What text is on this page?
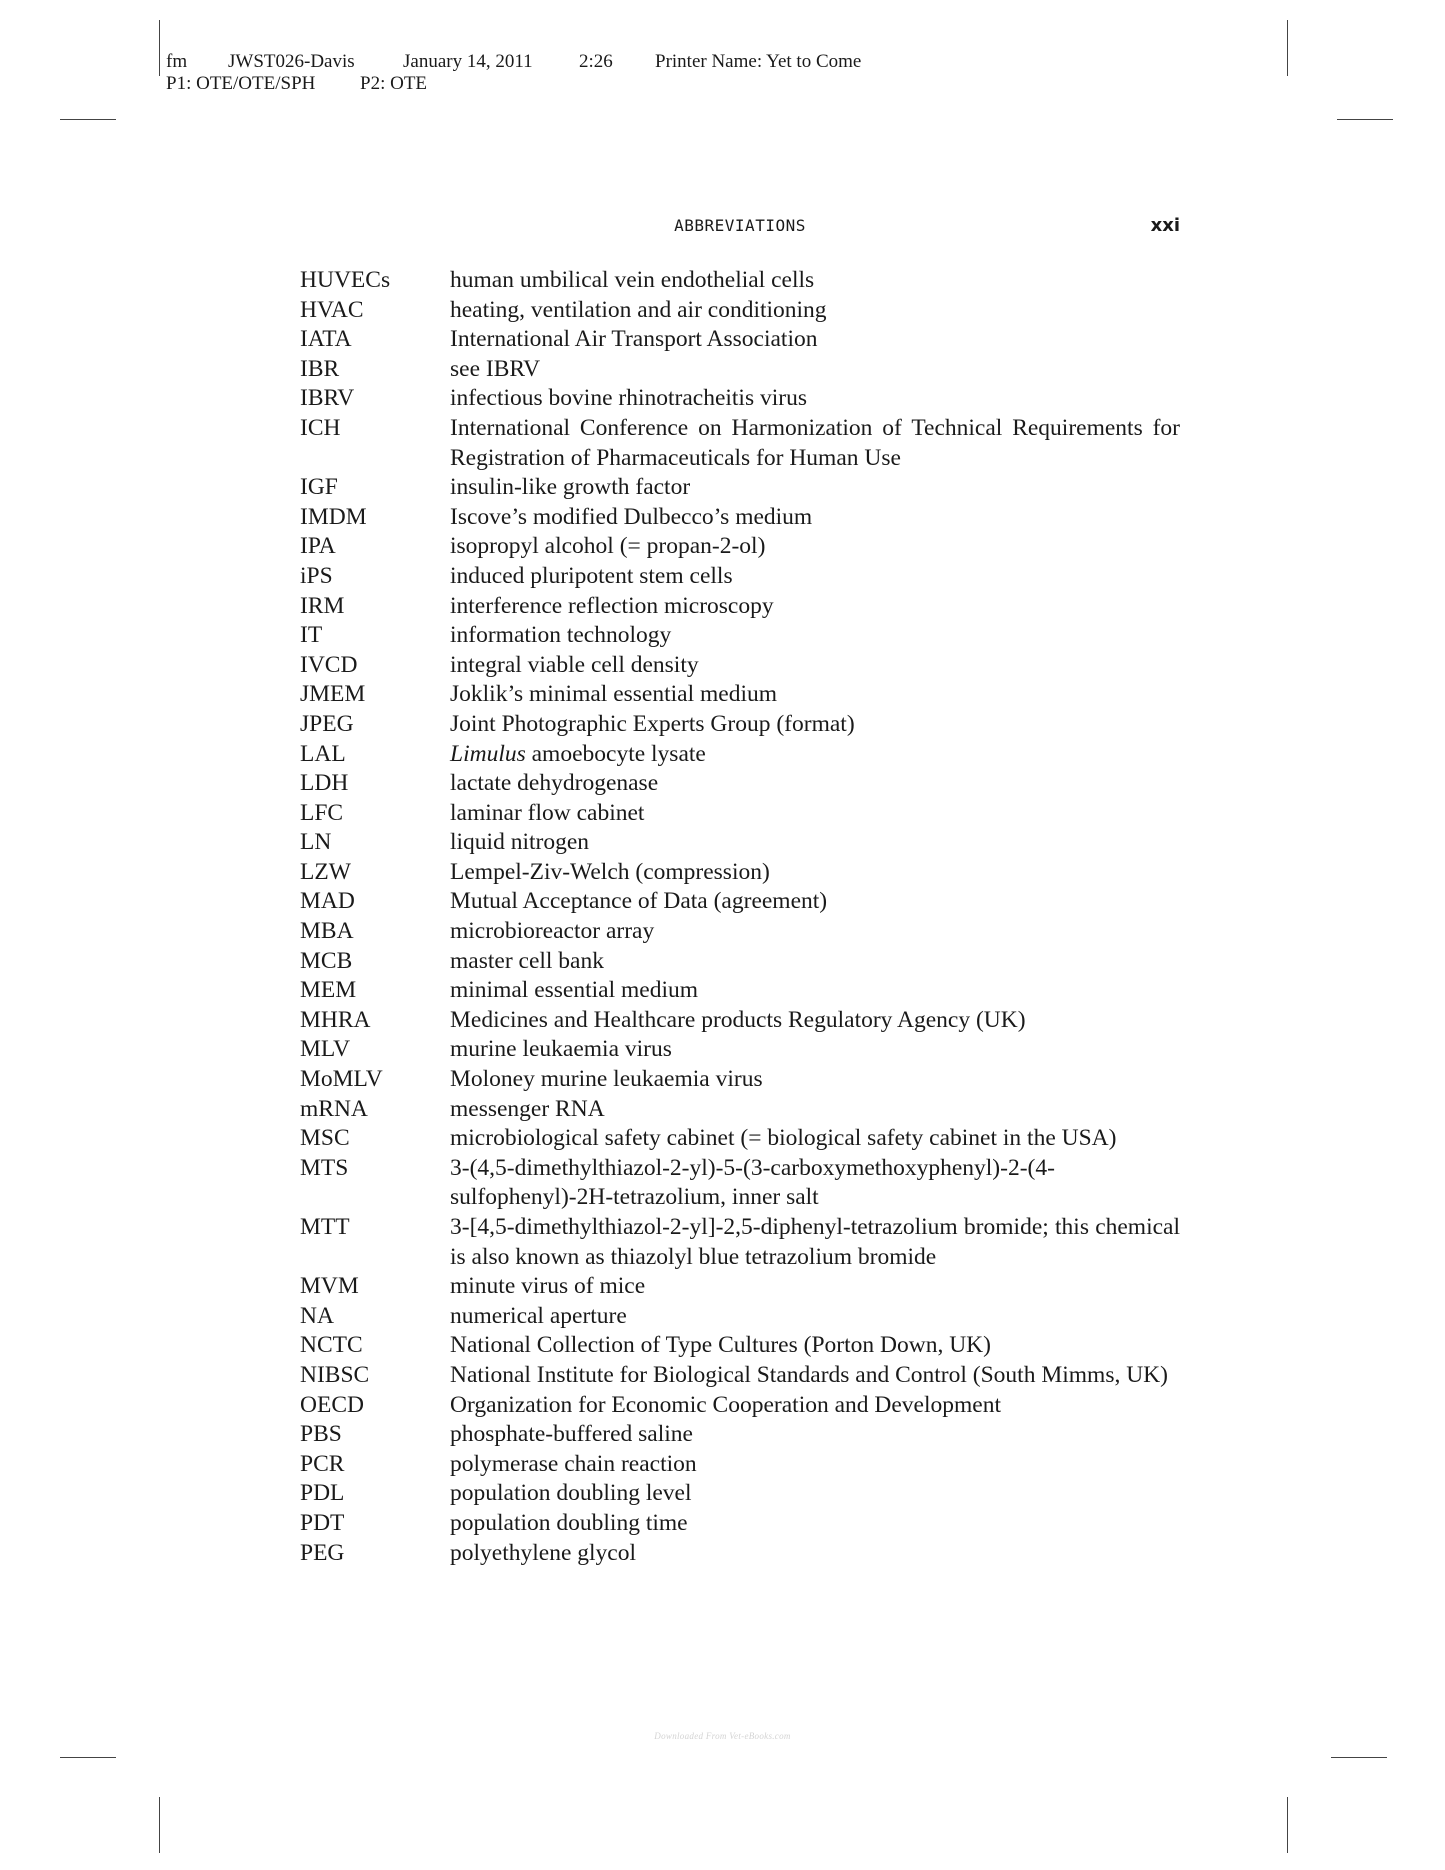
fm JWST026-Davis	January 14, 2011 2:26 Printer Name: Yet to Come
P1: OTE/OTE/SPH P2: OTE
ABBREVIATIONS	xxi
HUVECs	human umbilical vein endothelial cells
HVAC	heating, ventilation and air conditioning
IATA	International Air Transport Association
IBR	see IBRV
IBRV	infectious bovine rhinotracheitis virus
ICH	International Conference on Harmonization of Technical Requirements for Registration of Pharmaceuticals for Human Use
IGF	insulin-like growth factor
IMDM	Iscove’s modified Dulbecco’s medium
IPA	isopropyl alcohol (= propan-2-ol)
iPS	induced pluripotent stem cells
IRM	interference reflection microscopy
IT	information technology
IVCD	integral viable cell density
JMEM	Joklik’s minimal essential medium
JPEG	Joint Photographic Experts Group (format)
LAL	Limulus amoebocyte lysate
LDH	lactate dehydrogenase
LFC	laminar flow cabinet
LN	liquid nitrogen
LZW	Lempel-Ziv-Welch (compression)
MAD	Mutual Acceptance of Data (agreement)
MBA	microbioreactor array
MCB	master cell bank
MEM	minimal essential medium
MHRA	Medicines and Healthcare products Regulatory Agency (UK)
MLV	murine leukaemia virus
MoMLV	Moloney murine leukaemia virus
mRNA	messenger RNA
MSC	microbiological safety cabinet (= biological safety cabinet in the USA)
MTS	3-(4,5-dimethylthiazol-2-yl)-5-(3-carboxymethoxyphenyl)-2-(4-sulfophenyl)-2H-tetrazolium, inner salt
MTT	3-[4,5-dimethylthiazol-2-yl]-2,5-diphenyl-tetrazolium bromide; this chemical is also known as thiazolyl blue tetrazolium bromide
MVM	minute virus of mice
NA	numerical aperture
NCTC	National Collection of Type Cultures (Porton Down, UK)
NIBSC	National Institute for Biological Standards and Control (South Mimms, UK)
OECD	Organization for Economic Cooperation and Development
PBS	phosphate-buffered saline
PCR	polymerase chain reaction
PDL	population doubling level
PDT	population doubling time
PEG	polyethylene glycol
Downloaded From Vet-eBooks.com
